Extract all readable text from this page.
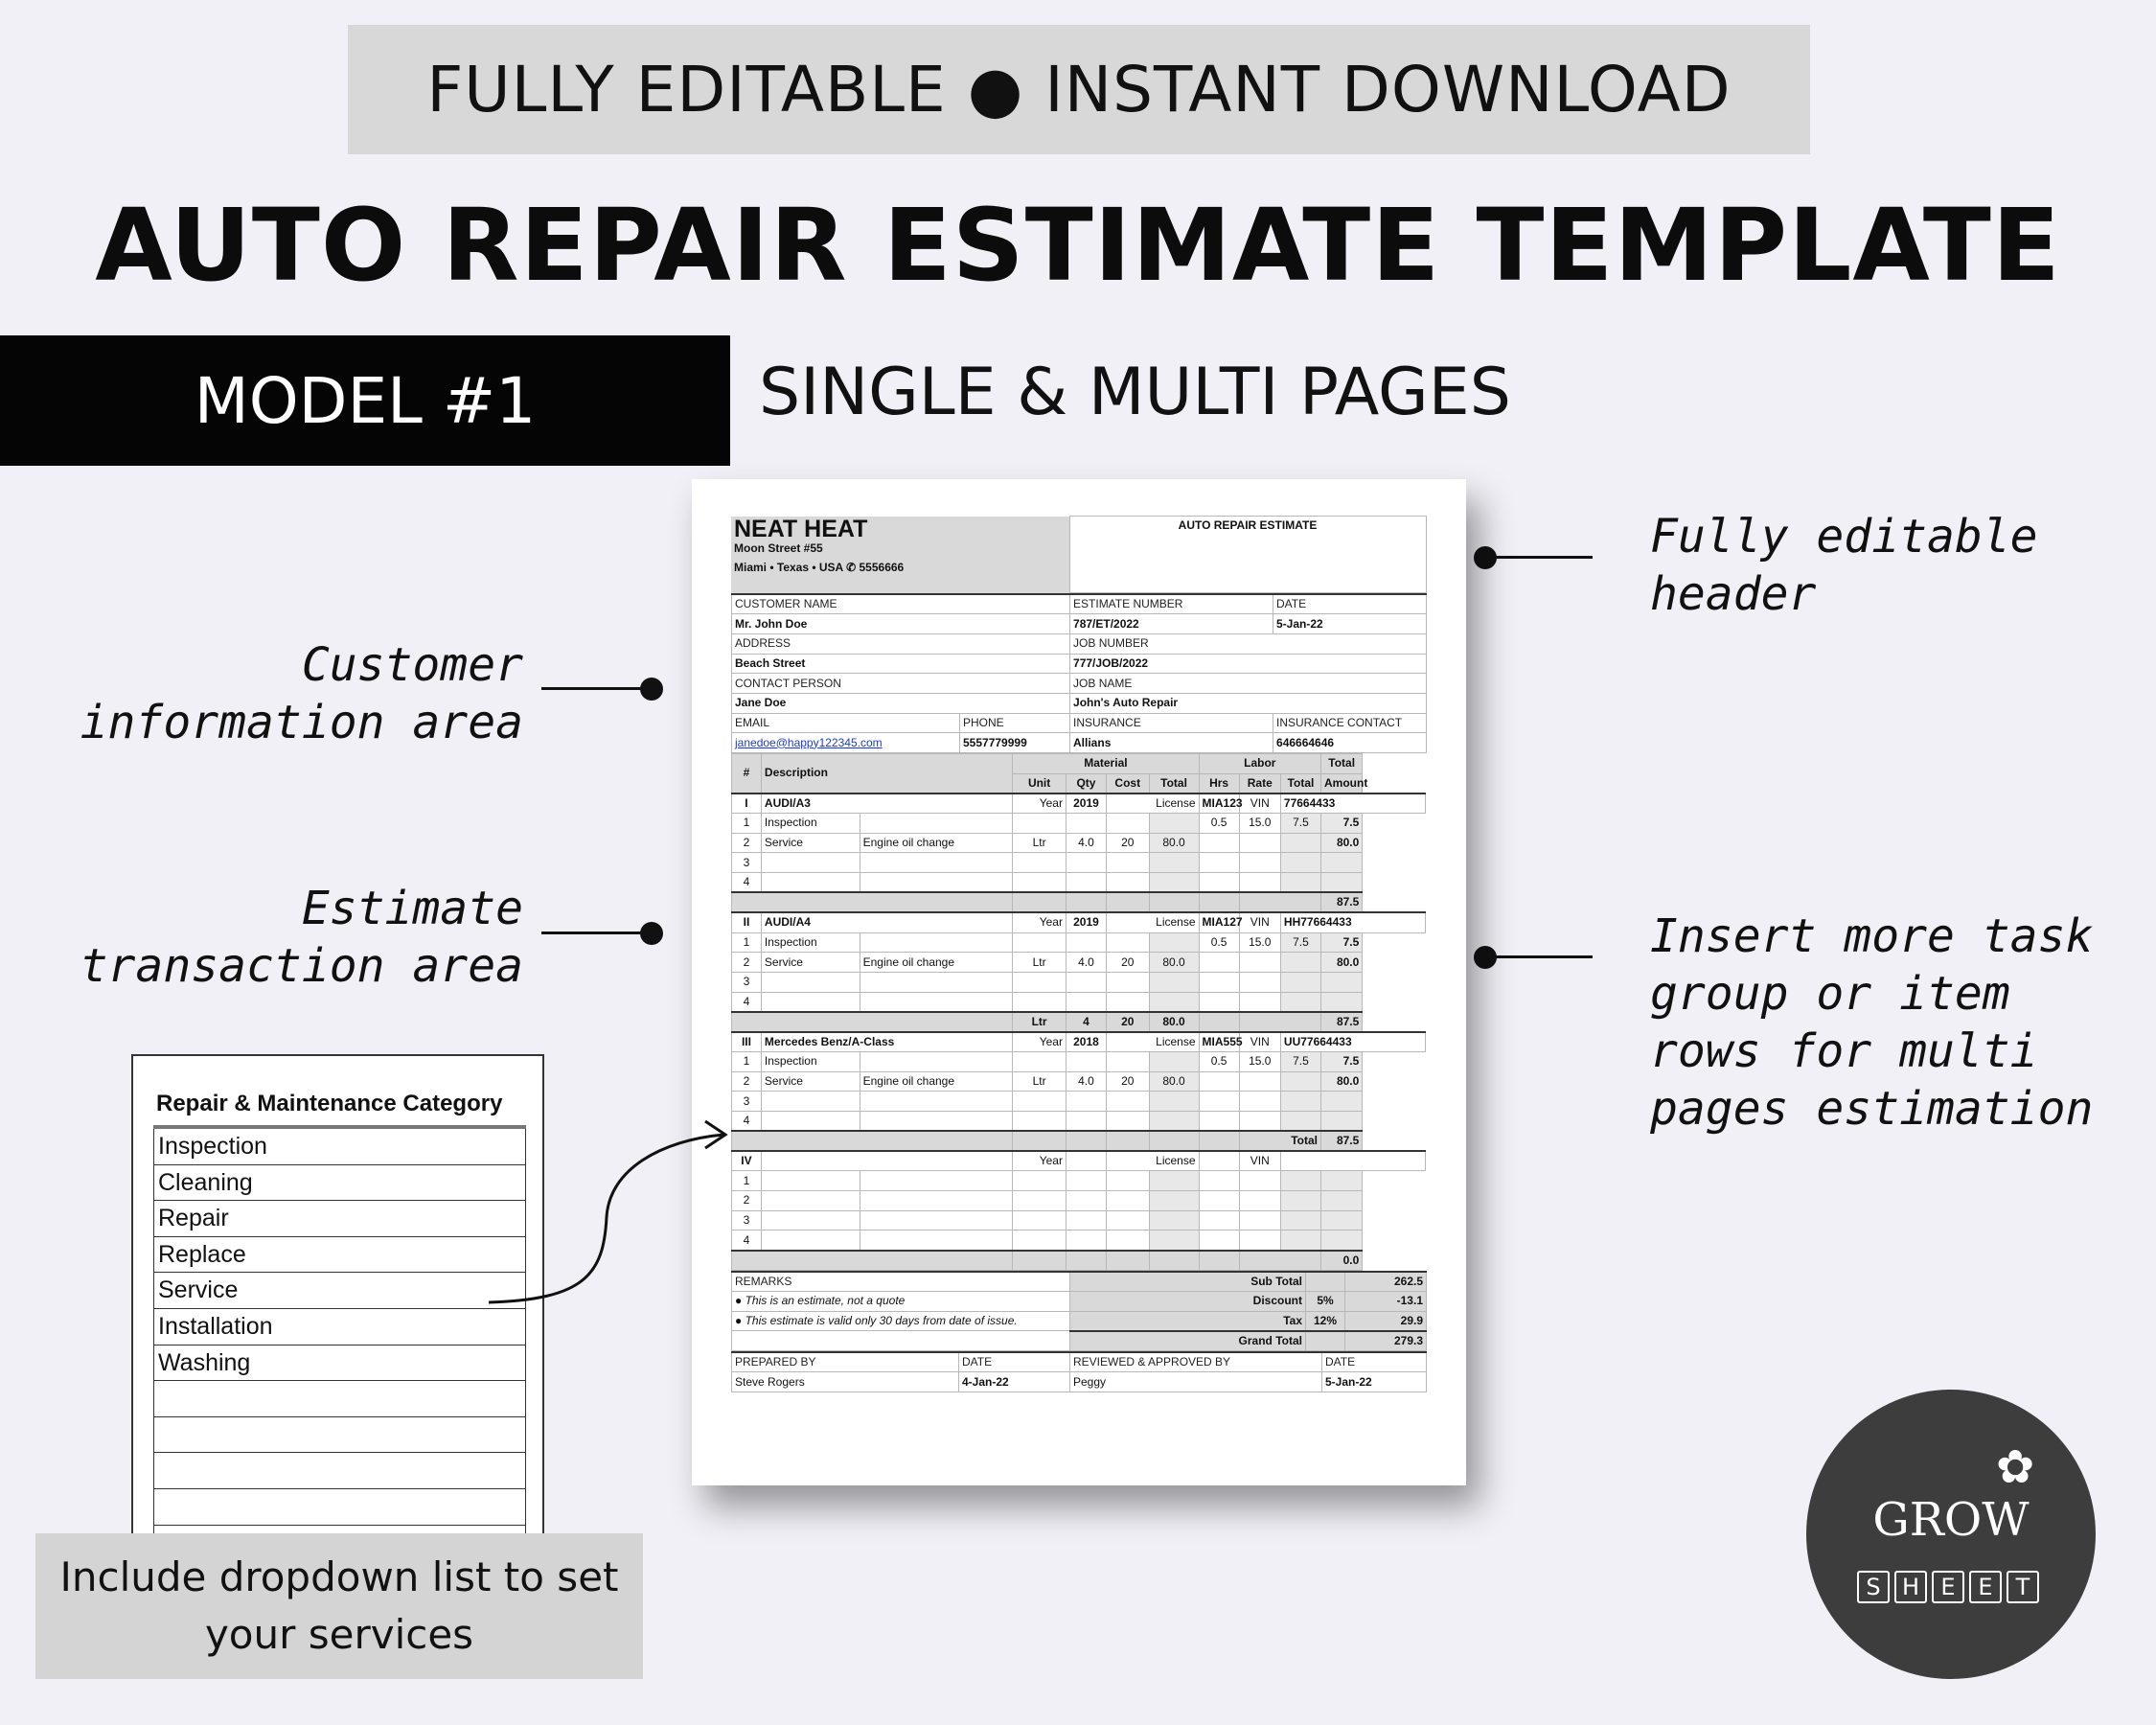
FULLY EDITABLE ● INSTANT DOWNLOAD
AUTO REPAIR ESTIMATE TEMPLATE
MODEL #1	SINGLE & MULTI PAGES
Customer
information area
Estimate
transaction area
Fully editable
header
Insert more task
group or item
rows for multi
pages estimation
NEAT HEAT
Moon Street #55
Miami • Texas • USA ✆ 5556666
	AUTO REPAIR ESTIMATE
CUSTOMER NAME		ESTIMATE NUMBER	DATE
Mr. John Doe		787/ET/2022	5-Jan-22
ADDRESS		JOB NUMBER	
Beach Street		777/JOB/2022	
CONTACT PERSON		JOB NAME	
Jane Doe		John's Auto Repair	
EMAIL	PHONE	INSURANCE	INSURANCE CONTACT
janedoe@happy122345.com	5557779999	Allians	646664646
#	Description		Material				Labor			Total
			Unit	Qty	Cost	Total	Hrs	Rate	Total	Amount
I	AUDI/A3		Year	2019	License		MIA123	VIN	77664433	
1	Inspection						0.5	15.0	7.5	7.5
2	Service	Engine oil change	Ltr	4.0	20	80.0				80.0
3										
4										
										87.5
II	AUDI/A4		Year	2019	License		MIA127	VIN	HH77664433	
1	Inspection						0.5	15.0	7.5	7.5
2	Service	Engine oil change	Ltr	4.0	20	80.0				80.0
3										
4										
			Ltr	4	20	80.0				87.5
III	Mercedes Benz/A-Class		Year	2018	License		MIA555	VIN	UU77664433	
1	Inspection						0.5	15.0	7.5	7.5
2	Service	Engine oil change	Ltr	4.0	20	80.0				80.0
3										
4										
								Total		87.5
IV			Year		License			VIN		
1										
2										
3										
4										
										0.0
REMARKS	Sub Total		262.5
● This is an estimate, not a quote	Discount	5%	-13.1
● This estimate is valid only 30 days from date of issue.	Tax	12%	29.9
	Grand Total		279.3
PREPARED BY	DATE	REVIEWED & APPROVED BY	DATE
Steve Rogers	4-Jan-22	Peggy	5-Jan-22
Repair & Maintenance Category
Inspection
Cleaning
Repair
Replace
Service
Installation
Washing
Include dropdown list to set
your services
✿
GROW
S H E E	T
